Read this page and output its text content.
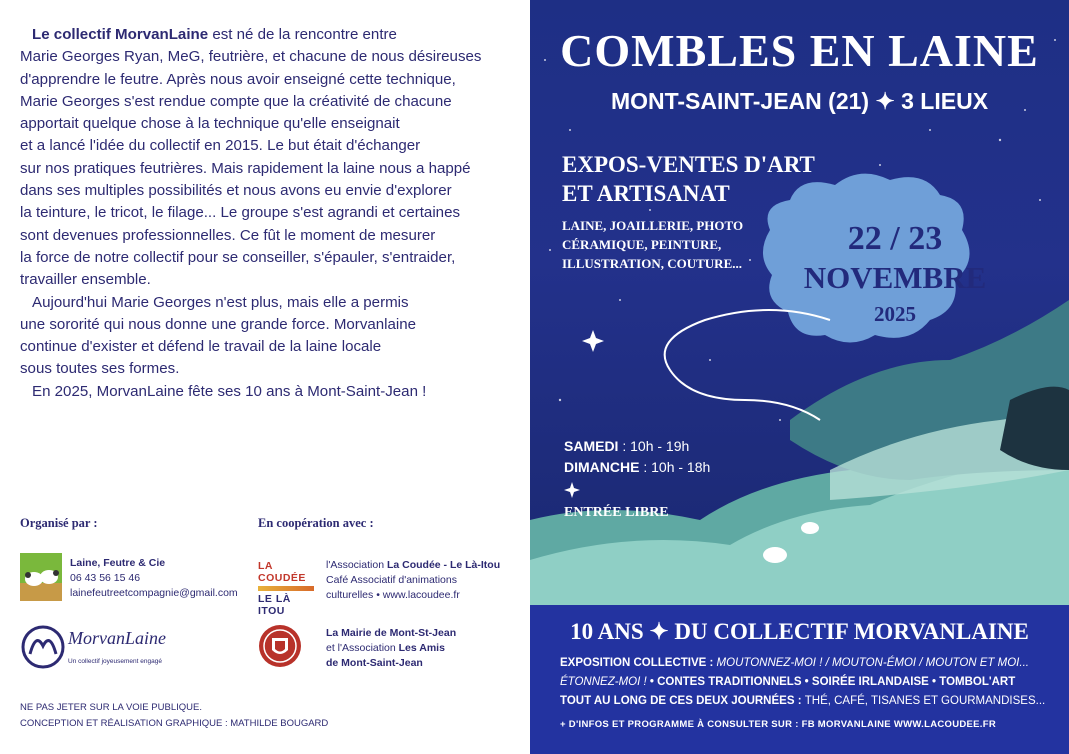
Le collectif MorvanLaine est né de la rencontre entre
Marie Georges Ryan, MeG, feutrière, et chacune de nous désireuses
d'apprendre le feutre. Après nous avoir enseigné cette technique,
Marie Georges s'est rendue compte que la créativité de chacune
apportait quelque chose à la technique qu'elle enseignait
et a lancé l'idée du collectif en 2015. Le but était d'échanger
sur nos pratiques feutrières. Mais rapidement la laine nous a happé
dans ses multiples possibilités et nous avons eu envie d'explorer
la teinture, le tricot, le filage... Le groupe s'est agrandi et certaines
sont devenues professionnelles. Ce fût le moment de mesurer
la force de notre collectif pour se conseiller, s'épauler, s'entraider,
travailler ensemble.
Aujourd'hui Marie Georges n'est plus, mais elle a permis
une sororité qui nous donne une grande force. Morvanlaine
continue d'exister et défend le travail de la laine locale
sous toutes ses formes.
En 2025, MorvanLaine fête ses 10 ans à Mont-Saint-Jean !
Organisé par :	En coopération avec :
Laine, Feutre & Cie
06 43 56 15 46
lainefeutreetcompagnie@gmail.com
MorvanLaine
Un collectif joyeusement engagé
LA COUDÉE
LE LÀ ITOU
l'Association La Coudée - Le Là-Itou
Café Associatif d'animations
culturelles • www.lacoudee.fr
La Mairie de Mont-St-Jean
et l'Association Les Amis
de Mont-Saint-Jean
NE PAS JETER SUR LA VOIE PUBLIQUE.
CONCEPTION ET RÉALISATION GRAPHIQUE : MATHILDE BOUGARD
COMBLES EN LAINE
MONT-SAINT-JEAN (21) ✦ 3 LIEUX
EXPOS-VENTES D'ART
ET ARTISANAT
LAINE, JOAILLERIE, PHOTO
CÉRAMIQUE, PEINTURE,
ILLUSTRATION, COUTURE...
22 / 23
NOVEMBRE
2025
SAMEDI : 10h - 19h
DIMANCHE : 10h - 18h
ENTRÉE LIBRE
10 ANS ✦ DU COLLECTIF MORVANLAINE
EXPOSITION COLLECTIVE : MOUTONNEZ-MOI ! / MOUTON-ÉMOI / MOUTON ET MOI...
ÉTONNEZ-MOI ! • CONTES TRADITIONNELS • SOIRÉE IRLANDAISE • TOMBOL'ART
TOUT AU LONG DE CES DEUX JOURNÉES : THÉ, CAFÉ, TISANES ET GOURMANDISES...
+ D'INFOS ET PROGRAMME À CONSULTER SUR : FB MORVANLAINE WWW.LACOUDEE.FR
